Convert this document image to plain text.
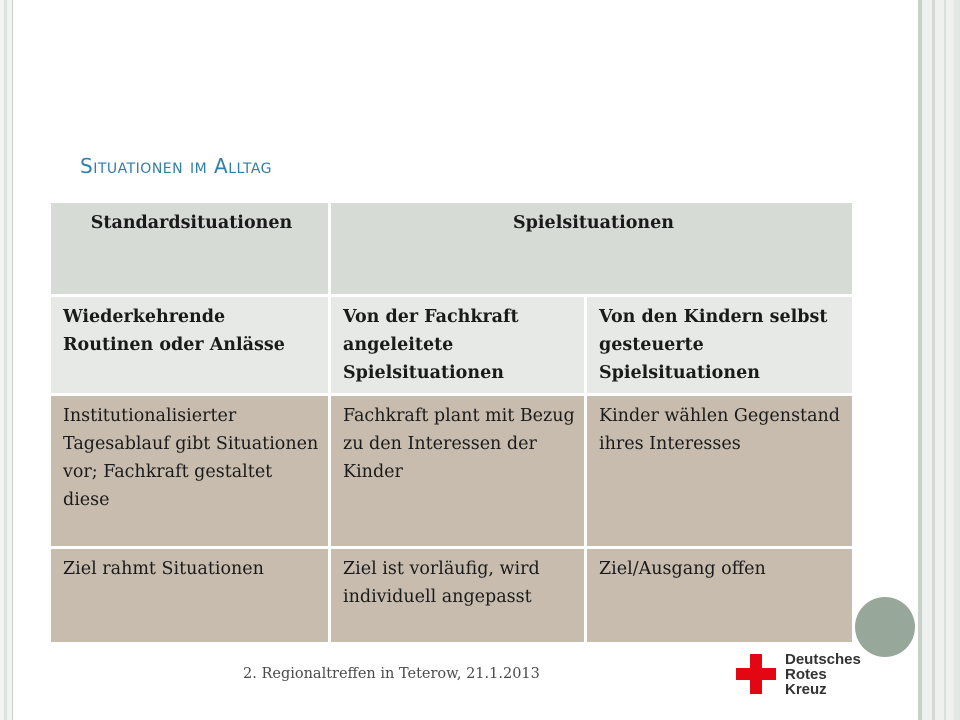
Situationen im Alltag
Standardsituationen	Spielsituationen	
Wiederkehrende Routinen oder Anlässe	Von der Fachkraft angeleitete Spielsituationen	Von den Kindern selbst gesteuerte Spielsituationen
Institutionalisierter Tagesablauf gibt Situationen vor; Fachkraft gestaltet diese	Fachkraft plant mit Bezug zu den Interessen der Kinder	Kinder wählen Gegenstand ihres Interesses
Ziel rahmt Situationen	Ziel ist vorläufig, wird individuell angepasst	Ziel/Ausgang offen
2. Regionaltreffen in Teterow, 21.1.2013
Deutsches
Rotes
Kreuz
